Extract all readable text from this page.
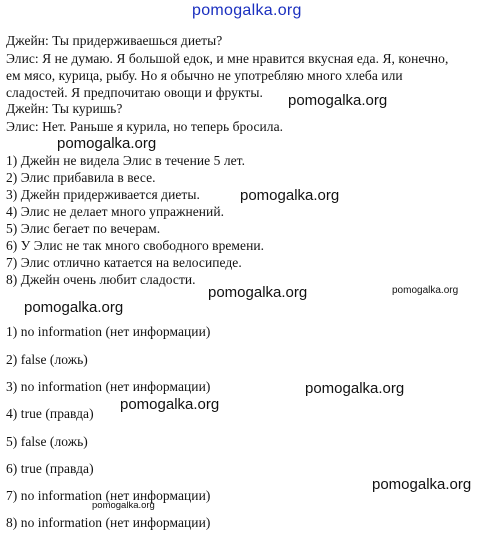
pomogalka.org
Джейн: Ты придерживаешься диеты?
Элис: Я не думаю. Я большой едок, и мне нравится вкусная еда. Я, конечно,
ем мясо, курица, рыбу. Но я обычно не употребляю много хлеба или
сладостей. Я предпочитаю овощи и фрукты.
Джейн: Ты куришь?
Элис: Нет. Раньше я курила, но теперь бросила.
1) Джейн не видела Элис в течение 5 лет.
2) Элис прибавила в весе.
3) Джейн придерживается диеты.
4) Элис не делает много упражнений.
5) Элис бегает по вечерам.
6) У Элис не так много свободного времени.
7) Элис отлично катается на велосипеде.
8) Джейн очень любит сладости.
1) no information (нет информации)
2) false (ложь)
3) no information (нет информации)
4) true (правда)
5) false (ложь)
6) true (правда)
7) no information (нет информации)
8) no information (нет информации)
pomogalka.org
pomogalka.org
pomogalka.org
pomogalka.org	pomogalka.org
pomogalka.org
pomogalka.org
pomogalka.org
pomogalka.org
pomogalka.org
